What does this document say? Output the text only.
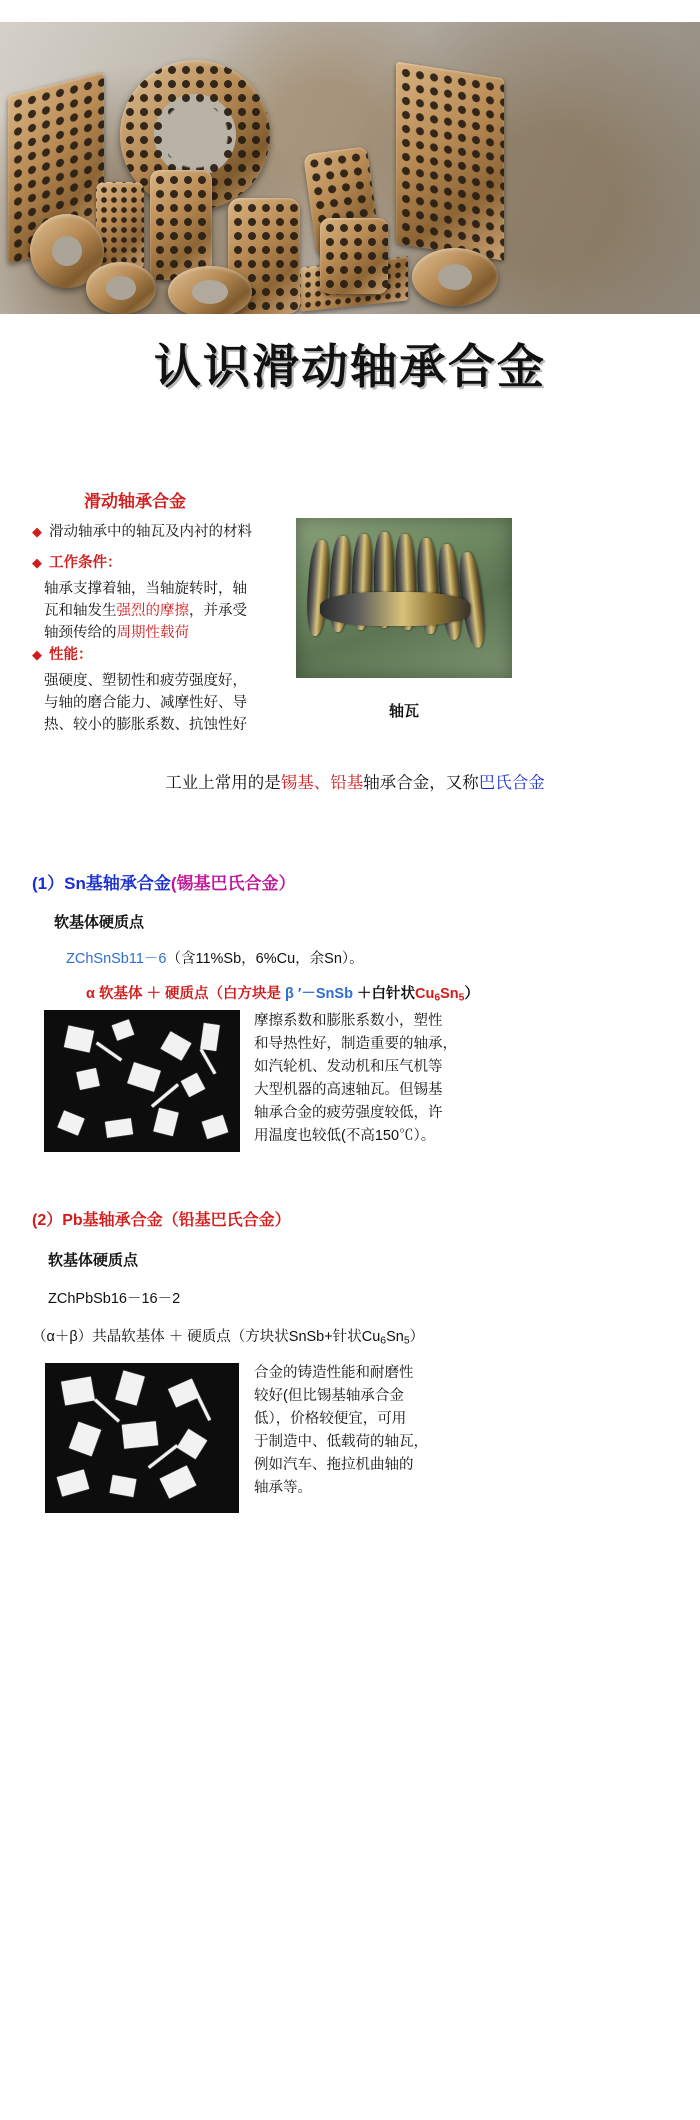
认识滑动轴承合金
滑动轴承合金
◆ 滑动轴承中的轴瓦及内衬的材料
◆ 工作条件：
轴承支撑着轴，当轴旋转时，轴
瓦和轴发生强烈的摩擦，并承受
轴颈传给的周期性载荷
◆ 性能：
强硬度、塑韧性和疲劳强度好，
与轴的磨合能力、减摩性好、导
热、较小的膨胀系数、抗蚀性好
轴瓦
工业上常用的是锡基、铅基轴承合金，又称巴氏合金
(1）Sn基轴承合金(锡基巴氏合金）
软基体硬质点
ZChSnSb11－6（含11%Sb，6%Cu，余Sn）。
α 软基体 ＋ 硬质点（白方块是 β ′－SnSb ＋白针状$Cu_6Sn_5$）
摩擦系数和膨胀系数小，塑性
和导热性好，制造重要的轴承，
如汽轮机、发动机和压气机等
大型机器的高速轴瓦。但锡基
轴承合金的疲劳强度较低，许
用温度也较低(不高150℃）。
(2）Pb基轴承合金（铅基巴氏合金）
软基体硬质点
ZChPbSb16－16－2
（α＋β）共晶软基体 ＋ 硬质点（方块状SnSb+针状$Cu_6Sn_5$）
合金的铸造性能和耐磨性
较好(但比锡基轴承合金
低），价格较便宜，可用
于制造中、低载荷的轴瓦，
例如汽车、拖拉机曲轴的
轴承等。
